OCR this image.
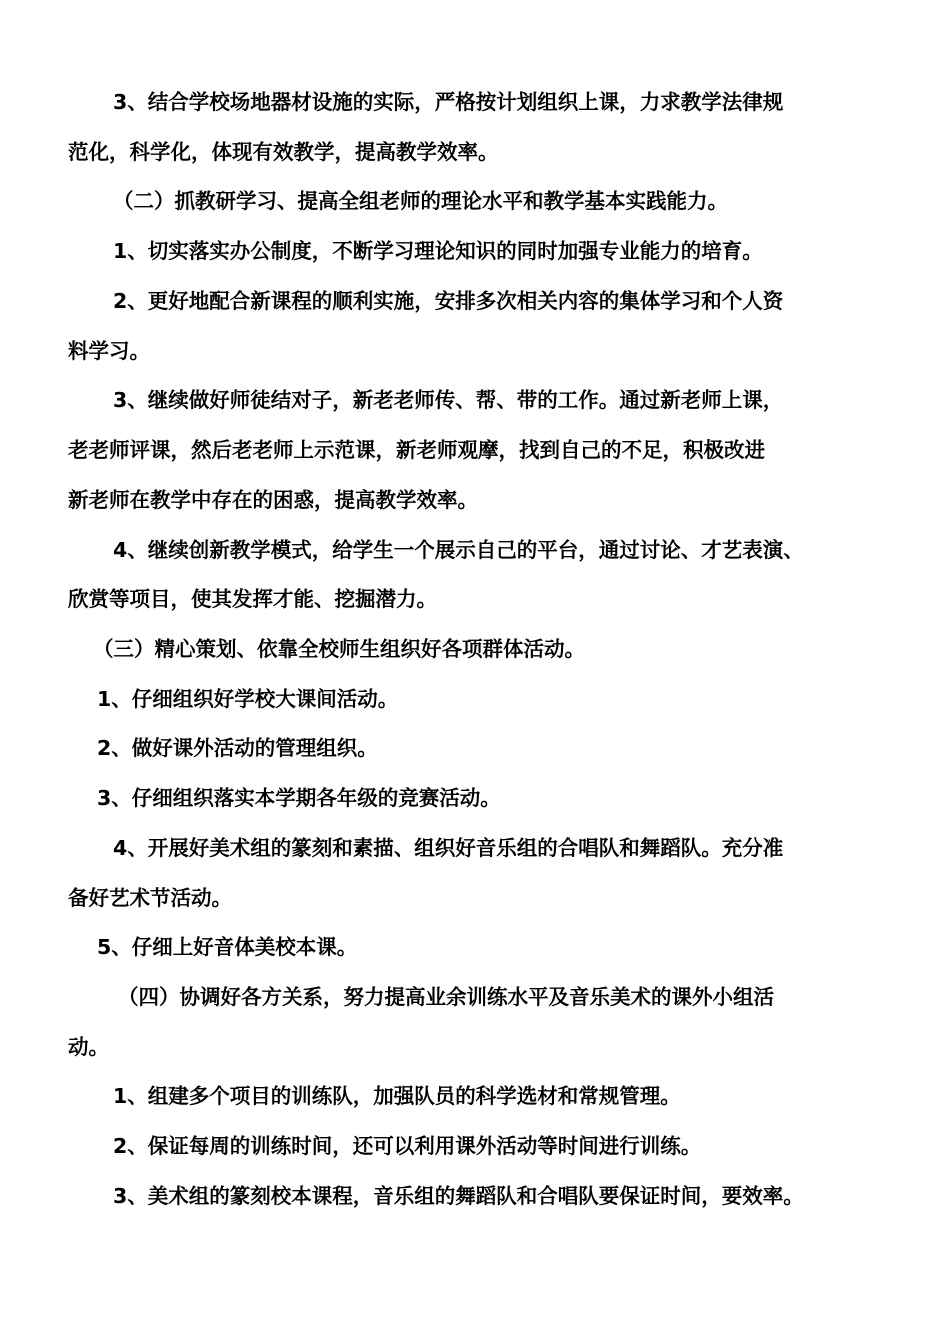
3、结合学校场地器材设施的实际，严格按计划组织上课，力求教学法律规
范化，科学化，体现有效教学，提高教学效率。
（二）抓教研学习、提高全组老师的理论水平和教学基本实践能力。
1、切实落实办公制度，不断学习理论知识的同时加强专业能力的培育。
2、更好地配合新课程的顺利实施，安排多次相关内容的集体学习和个人资
料学习。
3、继续做好师徒结对子，新老老师传、帮、带的工作。通过新老师上课，
老老师评课，然后老老师上示范课，新老师观摩，找到自己的不足，积极改进
新老师在教学中存在的困惑，提高教学效率。
4、继续创新教学模式，给学生一个展示自己的平台，通过讨论、才艺表演、
欣赏等项目，使其发挥才能、挖掘潜力。
（三）精心策划、依靠全校师生组织好各项群体活动。
1、仔细组织好学校大课间活动。
2、做好课外活动的管理组织。
3、仔细组织落实本学期各年级的竞赛活动。
4、开展好美术组的篆刻和素描、组织好音乐组的合唱队和舞蹈队。充分准
备好艺术节活动。
5、仔细上好音体美校本课。
（四）协调好各方关系，努力提高业余训练水平及音乐美术的课外小组活
动。
1、组建多个项目的训练队，加强队员的科学选材和常规管理。
2、保证每周的训练时间，还可以利用课外活动等时间进行训练。
3、美术组的篆刻校本课程，音乐组的舞蹈队和合唱队要保证时间，要效率。
